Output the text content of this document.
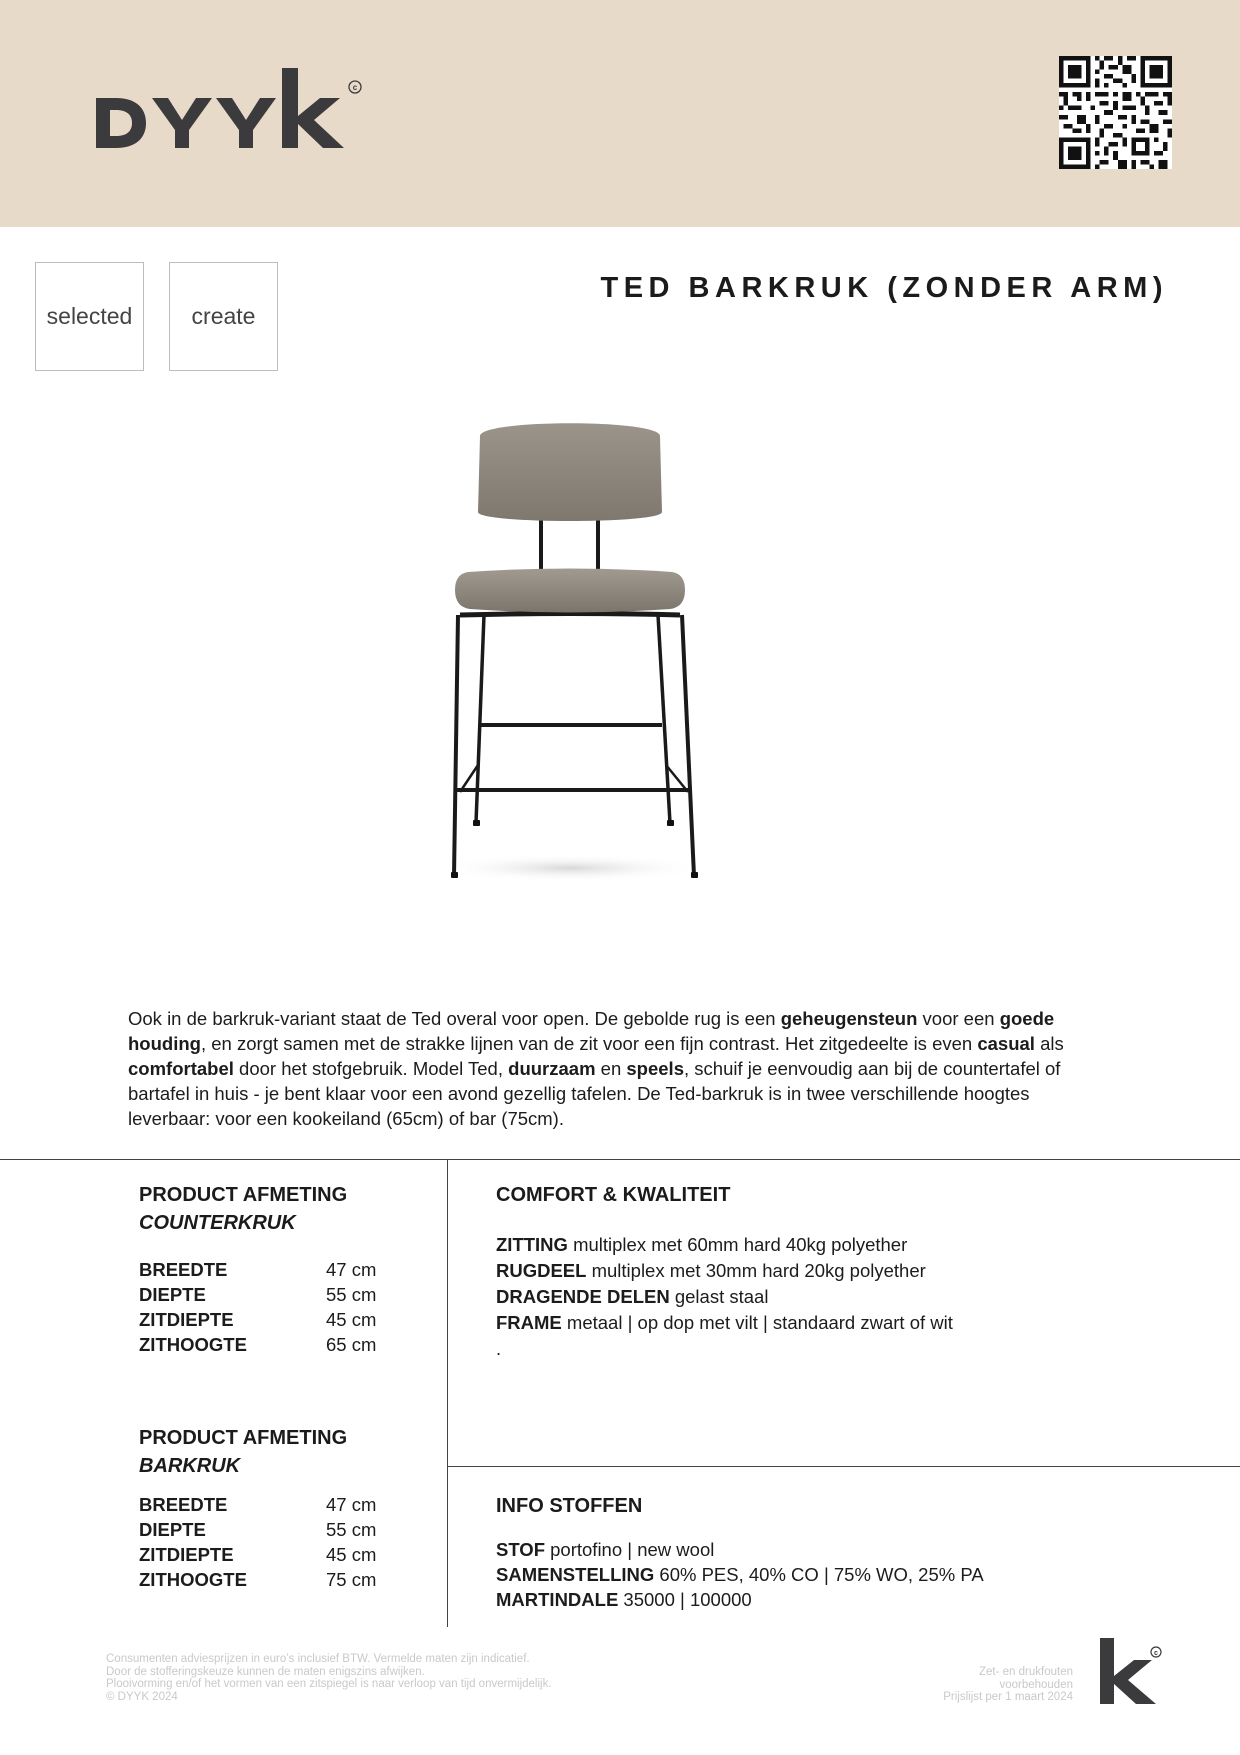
c
selected	create
TED BARKRUK (ZONDER ARM)
Ook in de barkruk-variant staat de Ted overal voor open. De gebolde rug is een geheugensteun voor een goede houding, en zorgt samen met de strakke lijnen van de zit voor een fijn contrast. Het zitgedeelte is even casual als comfortabel door het stofgebruik. Model Ted, duurzaam en speels, schuif je eenvoudig aan bij de countertafel of bartafel in huis - je bent klaar voor een avond gezellig tafelen. De Ted-barkruk is in twee verschillende hoogtes leverbaar: voor een kookeiland (65cm) of bar (75cm).
PRODUCT AFMETING
COUNTERKRUK
BREEDTE	47 cm
DIEPTE	55 cm
ZITDIEPTE	45 cm
ZITHOOGTE	65 cm
PRODUCT AFMETING
BARKRUK
BREEDTE	47 cm
DIEPTE	55 cm
ZITDIEPTE	45 cm
ZITHOOGTE	75 cm
COMFORT & KWALITEIT
ZITTING multiplex met 60mm hard 40kg polyether
RUGDEEL multiplex met 30mm hard 20kg polyether
DRAGENDE DELEN gelast staal
FRAME metaal | op dop met vilt | standaard zwart of wit
.
INFO STOFFEN
STOF portofino | new wool
SAMENSTELLING 60% PES, 40% CO | 75% WO, 25% PA
MARTINDALE 35000 | 100000
Consumenten adviesprijzen in euro’s inclusief BTW. Vermelde maten zijn indicatief.
Door de stofferingskeuze kunnen de maten enigszins afwijken.
Plooivorming en/of het vormen van een zitspiegel is naar verloop van tijd onvermijdelijk.
© DYYK 2024
Zet- en drukfouten
voorbehouden
Prijslijst per 1 maart 2024
c
